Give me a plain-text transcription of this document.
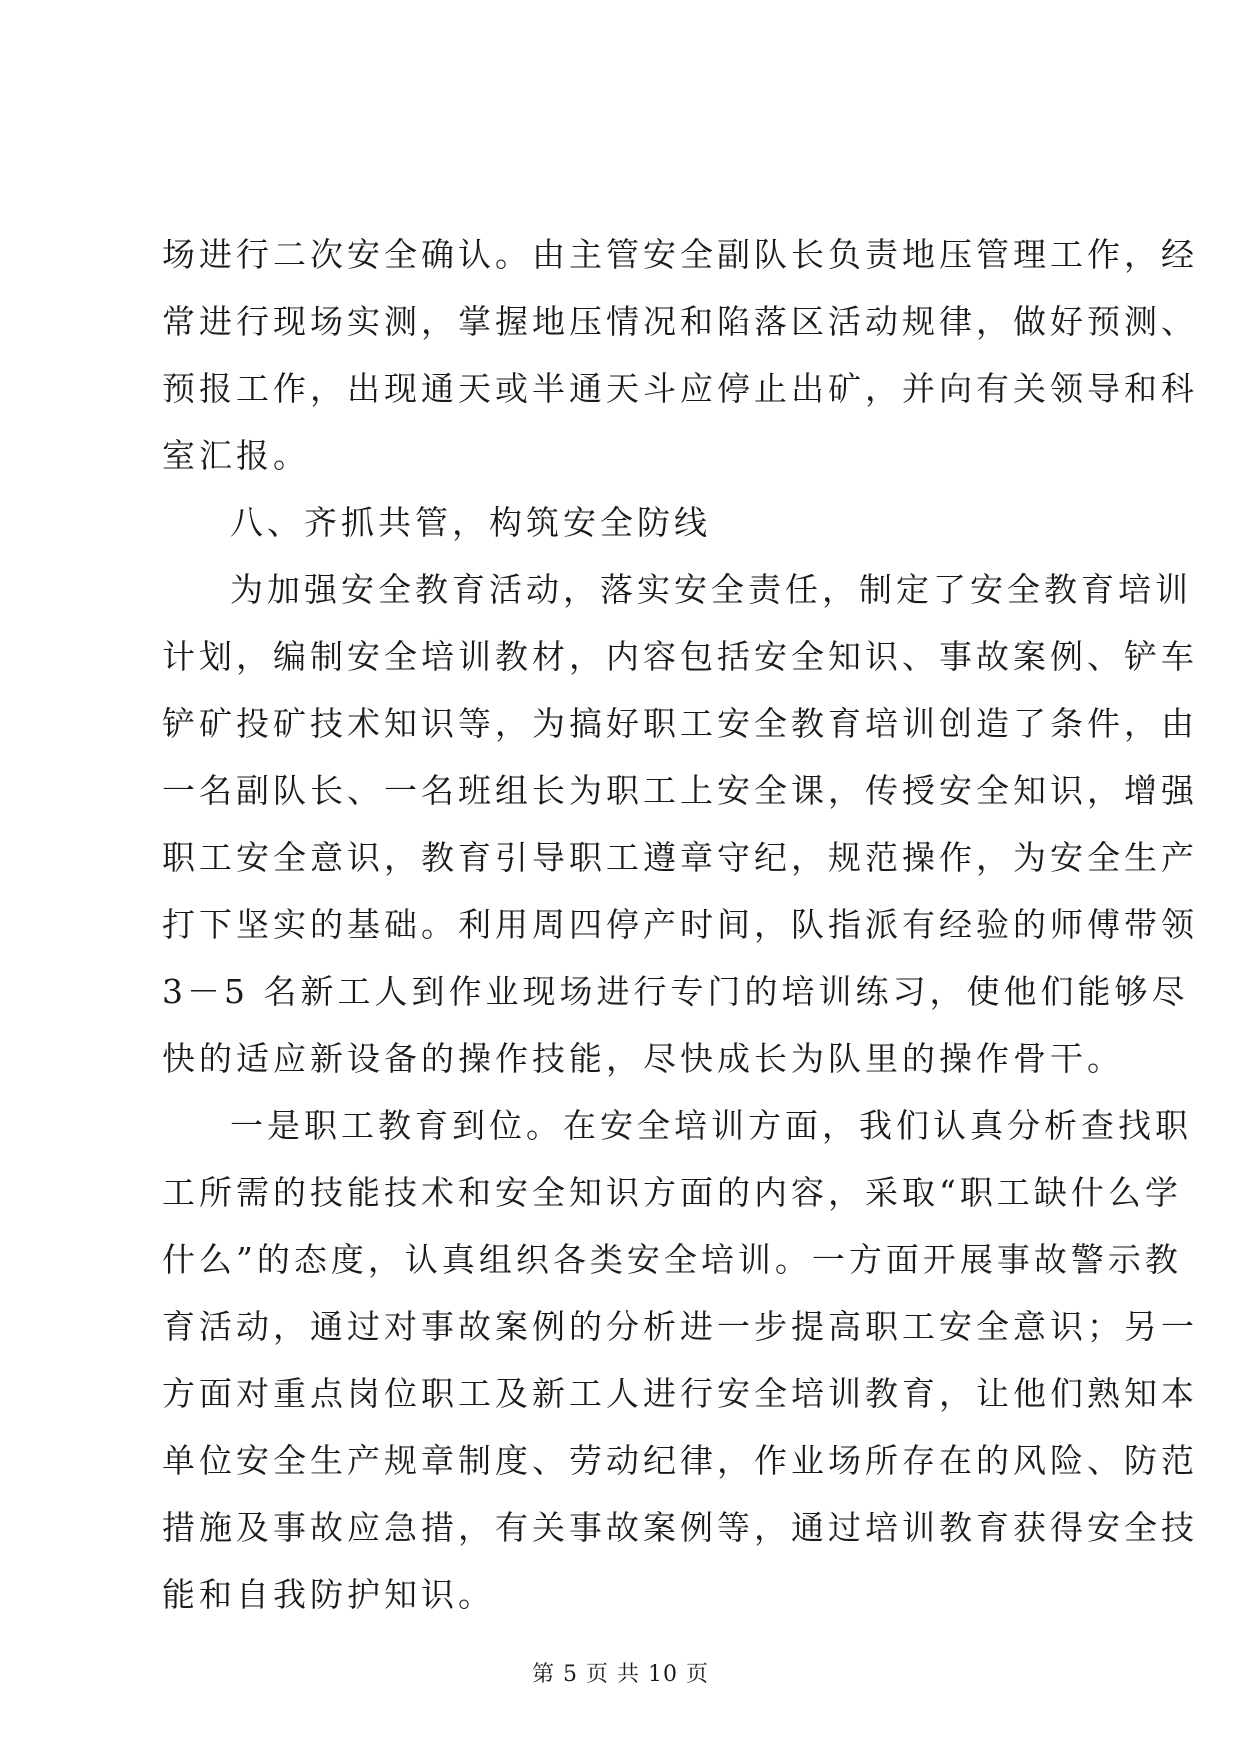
场进行二次安全确认。由主管安全副队长负责地压管理工作，经
常进行现场实测，掌握地压情况和陷落区活动规律，做好预测、
预报工作，出现通天或半通天斗应停止出矿，并向有关领导和科
室汇报。
八、齐抓共管，构筑安全防线
为加强安全教育活动，落实安全责任，制定了安全教育培训
计划，编制安全培训教材，内容包括安全知识、事故案例、铲车
铲矿投矿技术知识等，为搞好职工安全教育培训创造了条件，由
一名副队长、一名班组长为职工上安全课，传授安全知识，增强
职工安全意识，教育引导职工遵章守纪，规范操作，为安全生产
打下坚实的基础。利用周四停产时间，队指派有经验的师傅带领
3－5 名新工人到作业现场进行专门的培训练习，使他们能够尽
快的适应新设备的操作技能，尽快成长为队里的操作骨干。
一是职工教育到位。在安全培训方面，我们认真分析查找职
工所需的技能技术和安全知识方面的内容，采取“职工缺什么学
什么”的态度，认真组织各类安全培训。一方面开展事故警示教
育活动，通过对事故案例的分析进一步提高职工安全意识；另一
方面对重点岗位职工及新工人进行安全培训教育，让他们熟知本
单位安全生产规章制度、劳动纪律，作业场所存在的风险、防范
措施及事故应急措，有关事故案例等，通过培训教育获得安全技
能和自我防护知识。
第 5 页 共 10 页
